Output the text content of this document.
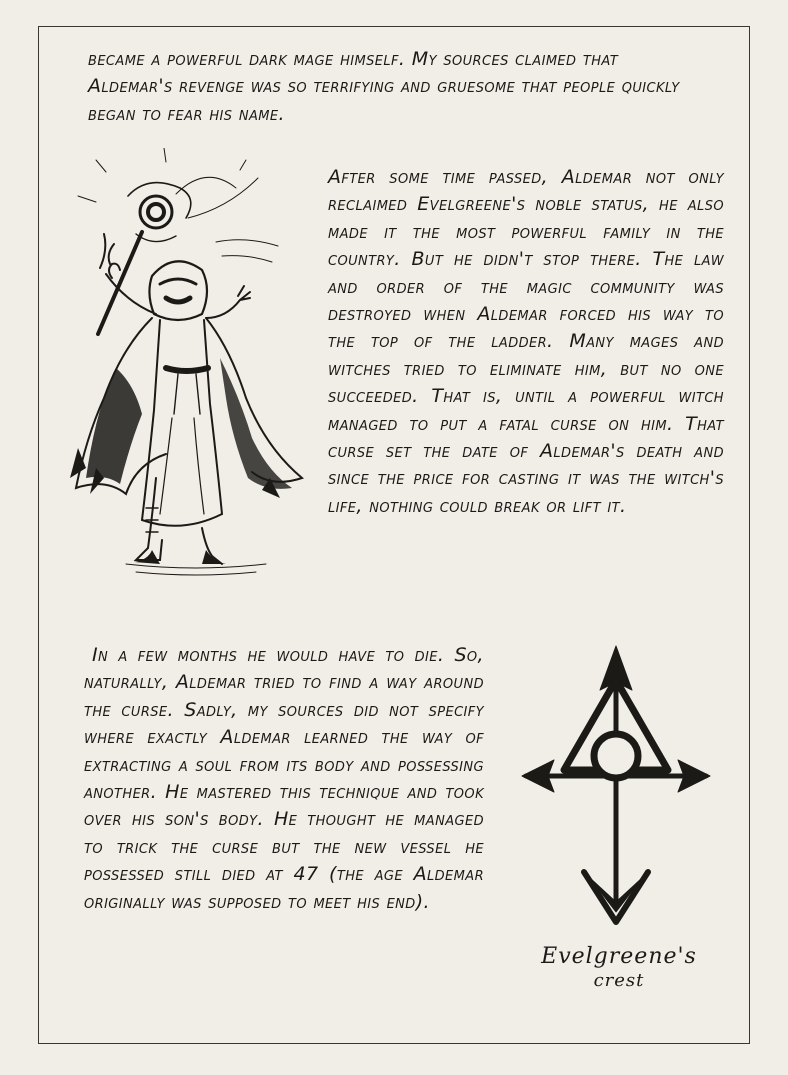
became a powerful dark mage himself. My sources claimed that Aldemar's revenge was so terrifying and gruesome that people quickly began to fear his name.
After some time passed, Aldemar not only reclaimed Evelgreene's noble status, he also made it the most powerful family in the country. But he didn't stop there. The law and order of the magic community was destroyed when Aldemar forced his way to the top of the ladder. Many mages and witches tried to eliminate him, but no one succeeded. That is, until a powerful witch managed to put a fatal curse on him. That curse set the date of Aldemar's death and since the price for casting it was the witch's life, nothing could break or lift it.
In a few months he would have to die. So, naturally, Aldemar tried to find a way around the curse. Sadly, my sources did not specify where exactly Aldemar learned the way of extracting a soul from its body and possessing another. He mastered this technique and took over his son's body. He thought he managed to trick the curse but the new vessel he possessed still died at 47 (the age Aldemar originally was supposed to meet his end).
Evelgreene's
crest
